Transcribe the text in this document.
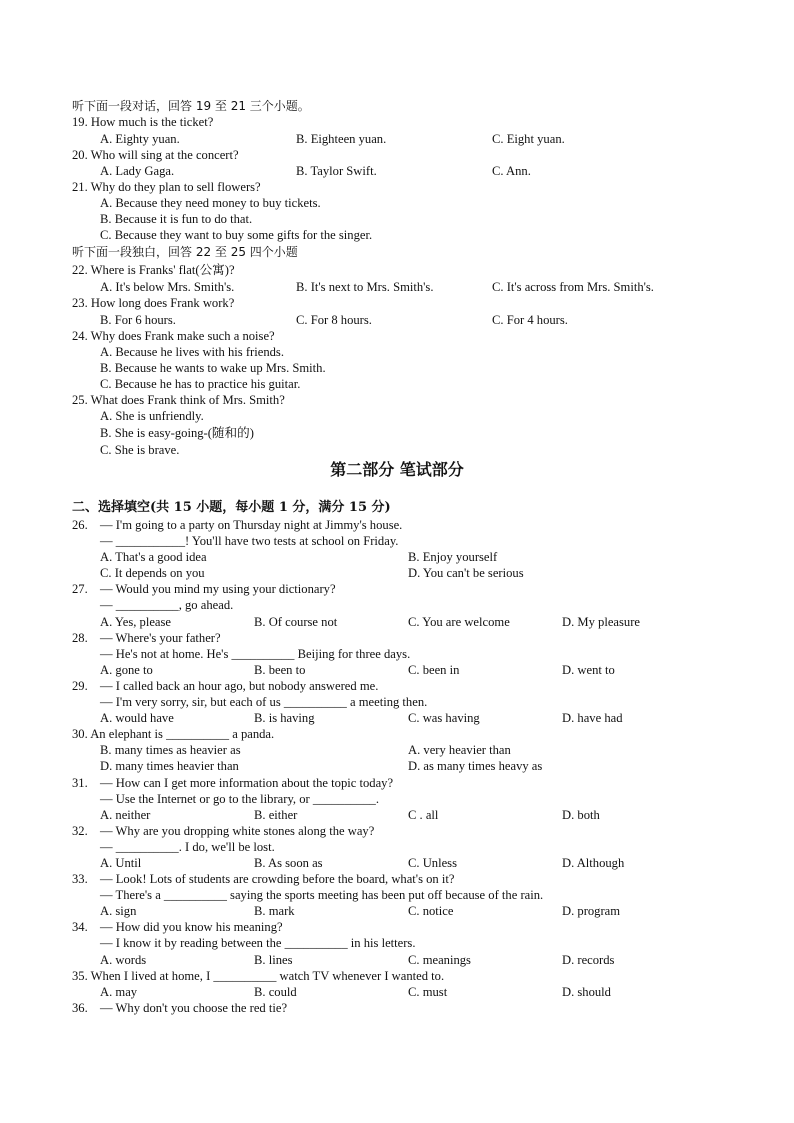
听下面一段对话，回答 19 至 21 三个小题。
19. How much is the ticket?
A. Eighty yuan.	B. Eighteen yuan.	C. Eight yuan.
20. Who will sing at the concert?
A. Lady Gaga.	B. Taylor Swift.	C. Ann.
21. Why do they plan to sell flowers?
A. Because they need money to buy tickets.
B. Because it is fun to do that.
C. Because they want to buy some gifts for the singer.
听下面一段独白，回答 22 至 25 四个小题
22. Where is Franks' flat(公寓)?
A. It's below Mrs. Smith's.	B. It's next to Mrs. Smith's.	C. It's across from Mrs. Smith's.
23. How long does Frank work?
B. For 6 hours.	C. For 8 hours.	C. For 4 hours.
24. Why does Frank make such a noise?
A. Because he lives with his friends.
B. Because he wants to wake up Mrs. Smith.
C. Because he has to practice his guitar.
25. What does Frank think of Mrs. Smith?
A. She is unfriendly.
B. She is easy-going-(随和的)
C. She is brave.
第二部分 笔试部分
二、选择填空(共 15 小题，每小题 1 分，满分 15 分)
26. — I'm going to a party on Thursday night at Jimmy's house.
— ___________! You'll have two tests at school on Friday.
A. That's a good idea	B. Enjoy yourself
C. It depends on you	D. You can't be serious
27. — Would you mind my using your dictionary?
— __________, go ahead.
A. Yes, please	B. Of course not	C. You are welcome	D. My pleasure
28. — Where's your father?
— He's not at home. He's __________ Beijing for three days.
A. gone to	B. been to	C. been in	D. went to
29. — I called back an hour ago, but nobody answered me.
— I'm very sorry, sir, but each of us __________ a meeting then.
A. would have	B. is having	C. was having	D. have had
30. An elephant is __________ a panda.
B. many times as heavier as	A. very heavier than
D. many times heavier than	D. as many times heavy as
31. — How can I get more information about the topic today?
— Use the Internet or go to the library, or __________.
A. neither	B. either	C . all	D. both
32. — Why are you dropping white stones along the way?
— __________. I do, we'll be lost.
A. Until	B. As soon as	C. Unless	D. Although
33. — Look! Lots of students are crowding before the board, what's on it?
— There's a __________ saying the sports meeting has been put off because of the rain.
A. sign	B. mark	C. notice	D. program
34. — How did you know his meaning?
— I know it by reading between the __________ in his letters.
A. words	B. lines	C. meanings	D. records
35. When I lived at home, I __________ watch TV whenever I wanted to.
A. may	B. could	C. must	D. should
36. — Why don't you choose the red tie?
